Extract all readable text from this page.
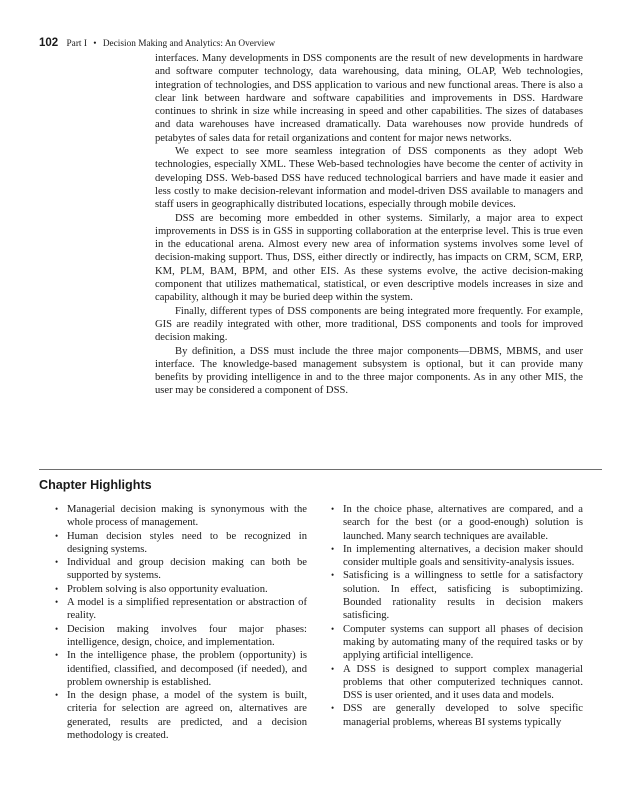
102 Part I • Decision Making and Analytics: An Overview

interfaces. Many developments in DSS components are the result of new developments in hardware and software computer technology, data warehousing, data mining, OLAP, Web technologies, integration of technologies, and DSS application to various and new functional areas. There is also a clear link between hardware and software capabilities and improvements in DSS. Hardware continues to shrink in size while increasing in speed and other capabilities. The sizes of databases and data warehouses have increased dramatically. Data warehouses now provide hundreds of petabytes of sales data for retail organizations and content for major news networks.

We expect to see more seamless integration of DSS components as they adopt Web technologies, especially XML. These Web-based technologies have become the center of activity in developing DSS. Web-based DSS have reduced technological barriers and have made it easier and less costly to make decision-relevant information and model-driven DSS available to managers and staff users in geographically distributed locations, especially through mobile devices.

DSS are becoming more embedded in other systems. Similarly, a major area to expect improvements in DSS is in GSS in supporting collaboration at the enterprise level. This is true even in the educational arena. Almost every new area of information systems involves some level of decision-making support. Thus, DSS, either directly or indirectly, has impacts on CRM, SCM, ERP, KM, PLM, BAM, BPM, and other EIS. As these systems evolve, the active decision-making component that utilizes mathematical, statistical, or even descriptive models increases in size and capability, although it may be buried deep within the system.

Finally, different types of DSS components are being integrated more frequently. For example, GIS are readily integrated with other, more traditional, DSS components and tools for improved decision making.

By definition, a DSS must include the three major components—DBMS, MBMS, and user interface. The knowledge-based management subsystem is optional, but it can provide many benefits by providing intelligence in and to the three major components. As in any other MIS, the user may be considered a component of DSS.

Chapter Highlights
• Managerial decision making is synonymous with the whole process of management.
• Human decision styles need to be recognized in designing systems.
• Individual and group decision making can both be supported by systems.
• Problem solving is also opportunity evaluation.
• A model is a simplified representation or abstraction of reality.
• Decision making involves four major phases: intelligence, design, choice, and implementation.
• In the intelligence phase, the problem (opportunity) is identified, classified, and decomposed (if needed), and problem ownership is established.
• In the design phase, a model of the system is built, criteria for selection are agreed on, alternatives are generated, results are predicted, and a decision methodology is created.
• In the choice phase, alternatives are compared, and a search for the best (or a good-enough) solution is launched. Many search techniques are available.
• In implementing alternatives, a decision maker should consider multiple goals and sensitivity-analysis issues.
• Satisficing is a willingness to settle for a satisfactory solution. In effect, satisficing is suboptimizing. Bounded rationality results in decision makers satisficing.
• Computer systems can support all phases of decision making by automating many of the required tasks or by applying artificial intelligence.
• A DSS is designed to support complex managerial problems that other computerized techniques cannot. DSS is user oriented, and it uses data and models.
• DSS are generally developed to solve specific managerial problems, whereas BI systems typically
